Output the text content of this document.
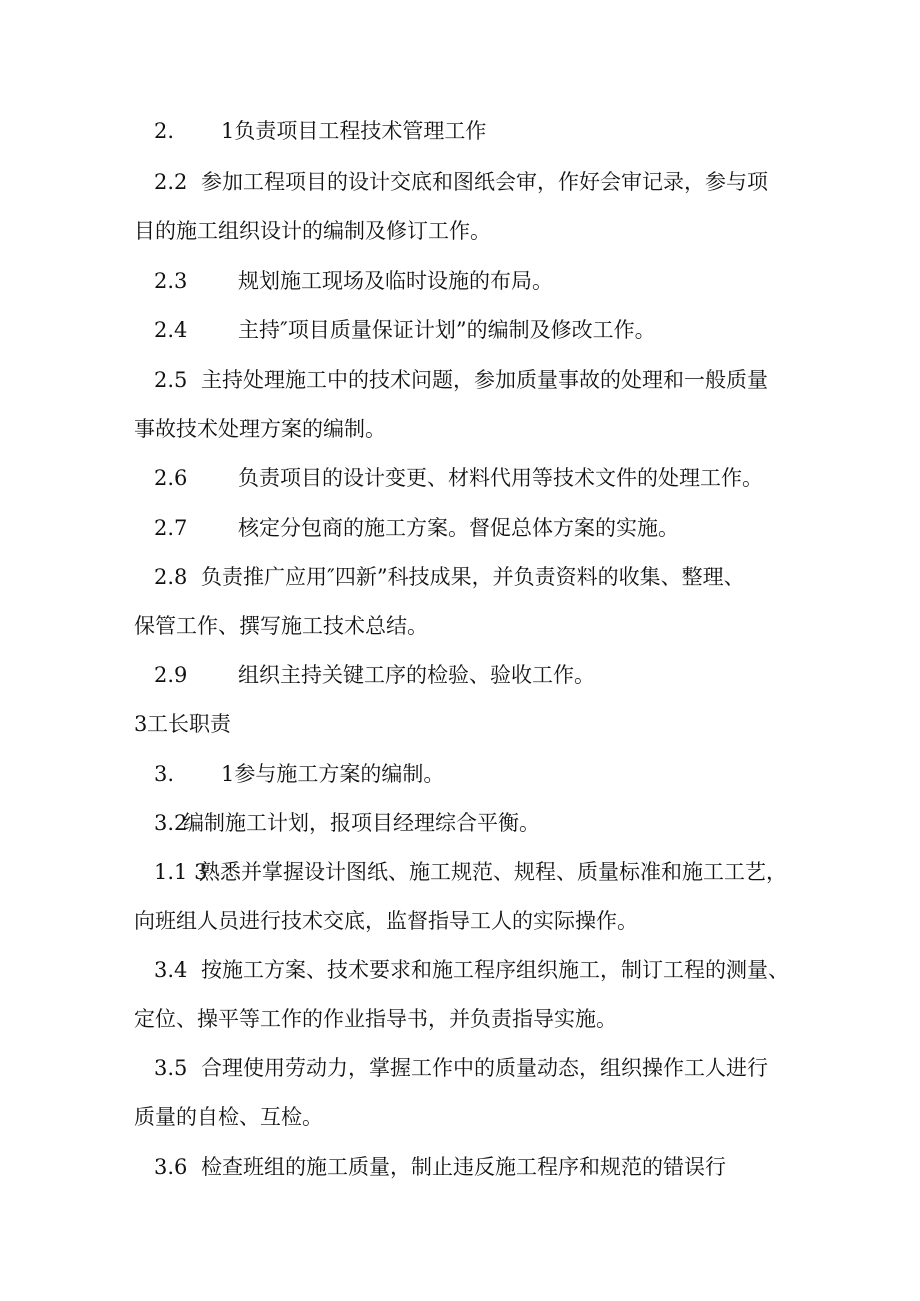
2. 1负责项目工程技术管理工作
2.2 参加工程项目的设计交底和图纸会审，作好会审记录，参与项
目的施工组织设计的编制及修订工作。
2.3 规划施工现场及临时设施的布局。
2.4 主持″项目质量保证计划”的编制及修改工作。
2.5 主持处理施工中的技术问题，参加质量事故的处理和一般质量
事故技术处理方案的编制。
2.6 负责项目的设计变更、材料代用等技术文件的处理工作。
2.7 核定分包商的施工方案。督促总体方案的实施。
2.8 负责推广应用″四新”科技成果，并负责资料的收集、整理、
保管工作、撰写施工技术总结。
2.9 组织主持关键工序的检验、验收工作。
3工长职责
3. 1参与施工方案的编制。
3.2编制施工计划，报项目经理综合平衡。
1.1 3熟悉并掌握设计图纸、施工规范、规程、质量标准和施工工艺，
向班组人员进行技术交底，监督指导工人的实际操作。
3.4 按施工方案、技术要求和施工程序组织施工，制订工程的测量、
定位、操平等工作的作业指导书，并负责指导实施。
3.5 合理使用劳动力，掌握工作中的质量动态，组织操作工人进行
质量的自检、互检。
3.6 检查班组的施工质量，制止违反施工程序和规范的错误行
